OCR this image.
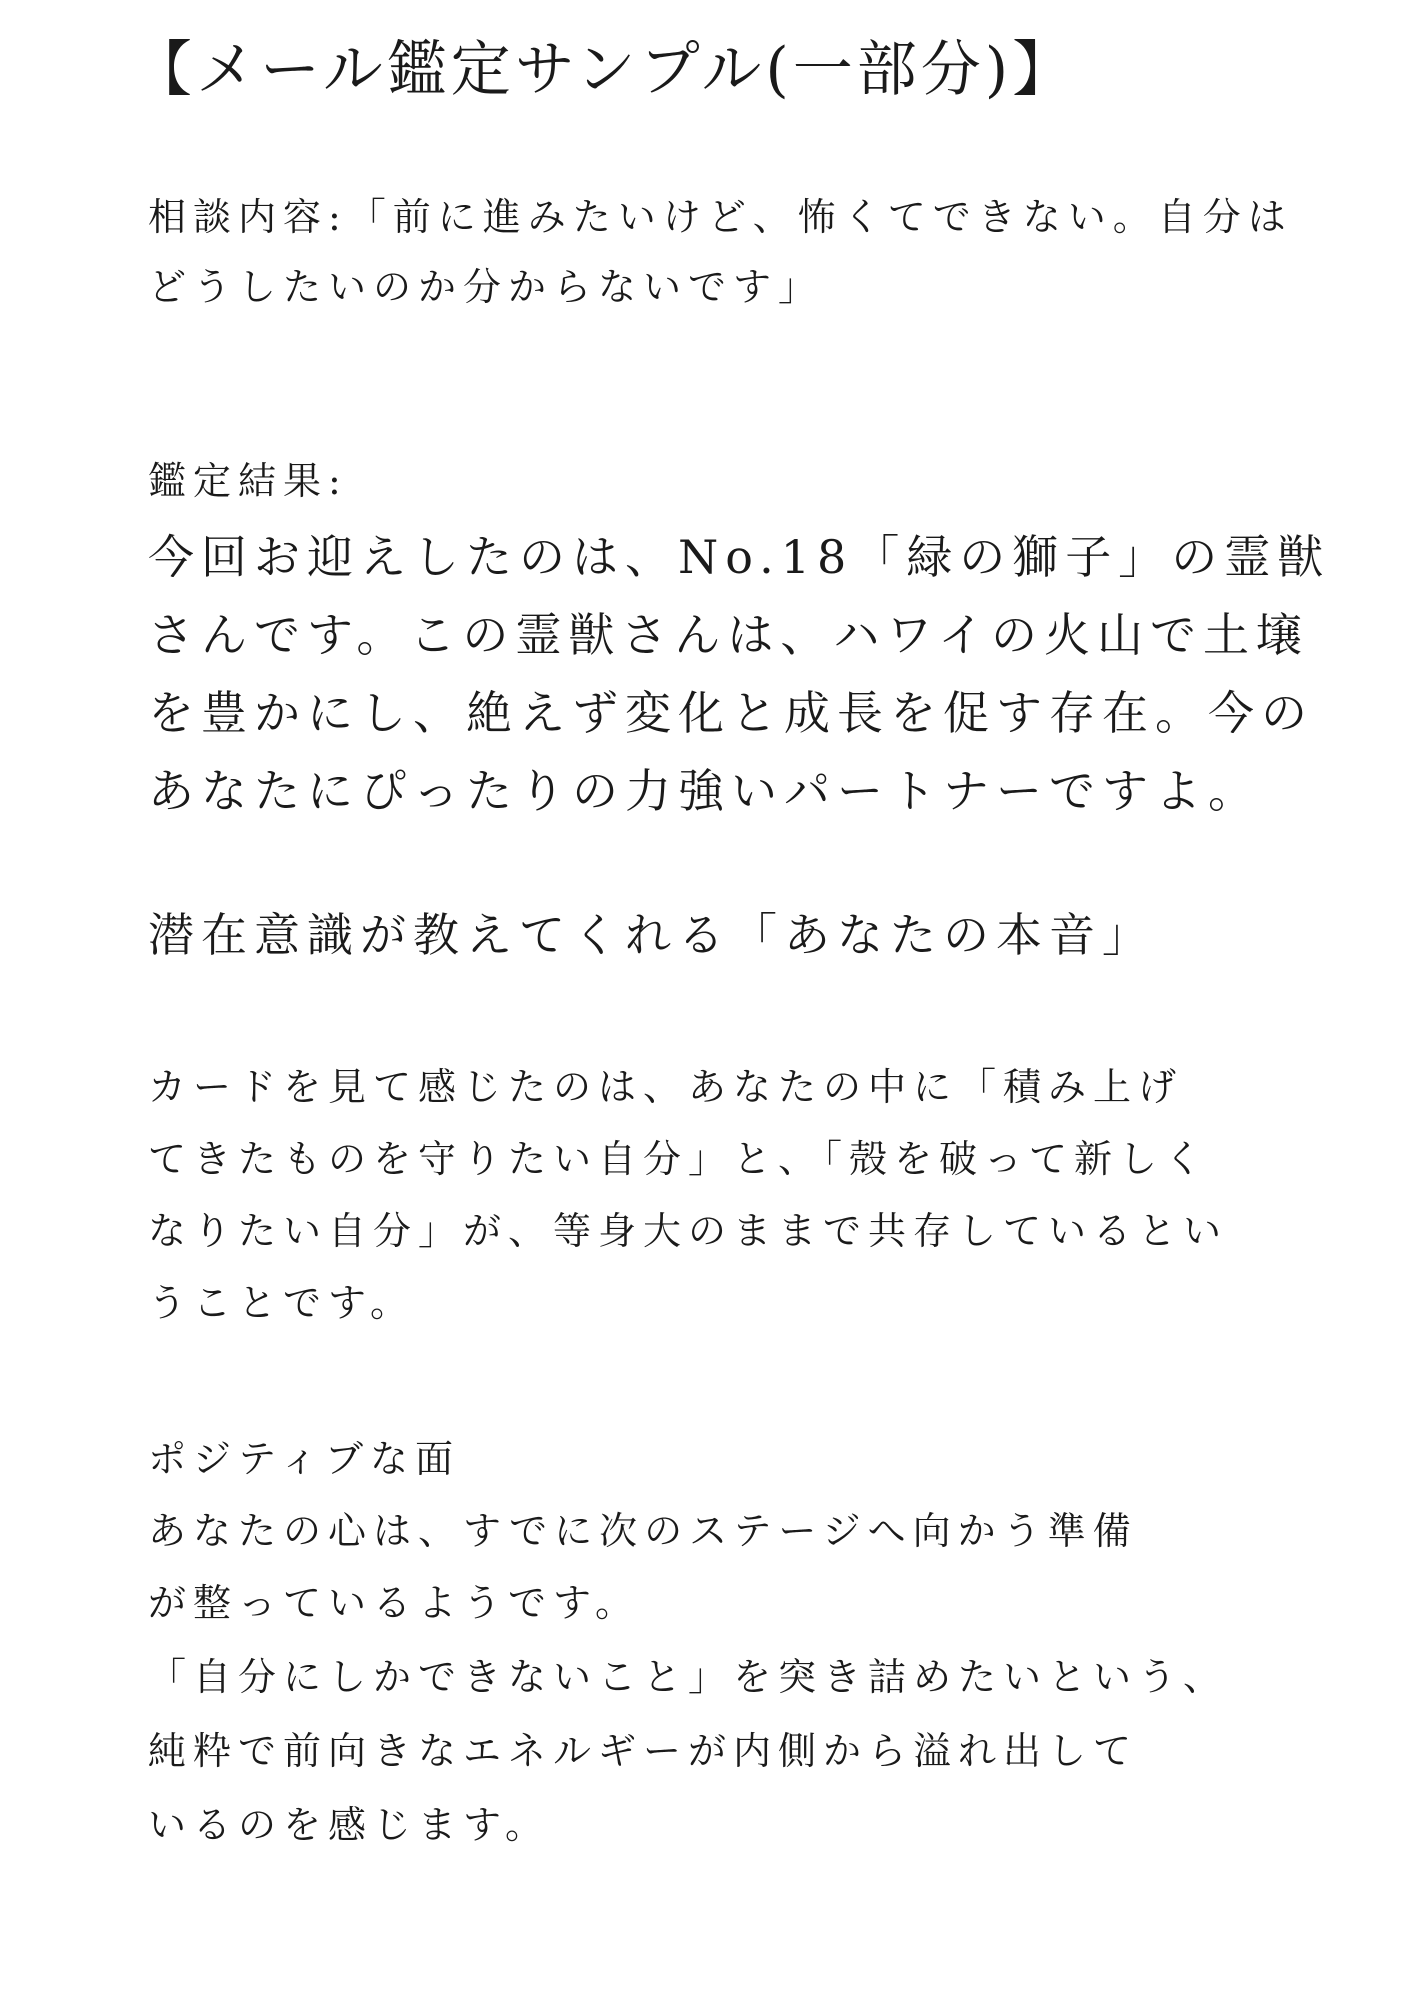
【メール鑑定サンプル(一部分)】
相談内容:「前に進みたいけど、怖くてできない。自分は
どうしたいのか分からないです」
鑑定結果:
今回お迎えしたのは、No.18「緑の獅子」の霊獣
さんです。この霊獣さんは、ハワイの火山で土壌
を豊かにし、絶えず変化と成長を促す存在。今の
あなたにぴったりの力強いパートナーですよ。
潜在意識が教えてくれる「あなたの本音」
カードを見て感じたのは、あなたの中に「積み上げ
てきたものを守りたい自分」と、「殻を破って新しく
なりたい自分」が、等身大のままで共存しているとい
うことです。
ポジティブな面
あなたの心は、すでに次のステージへ向かう準備
が整っているようです。
「自分にしかできないこと」を突き詰めたいという、
純粋で前向きなエネルギーが内側から溢れ出して
いるのを感じます。
